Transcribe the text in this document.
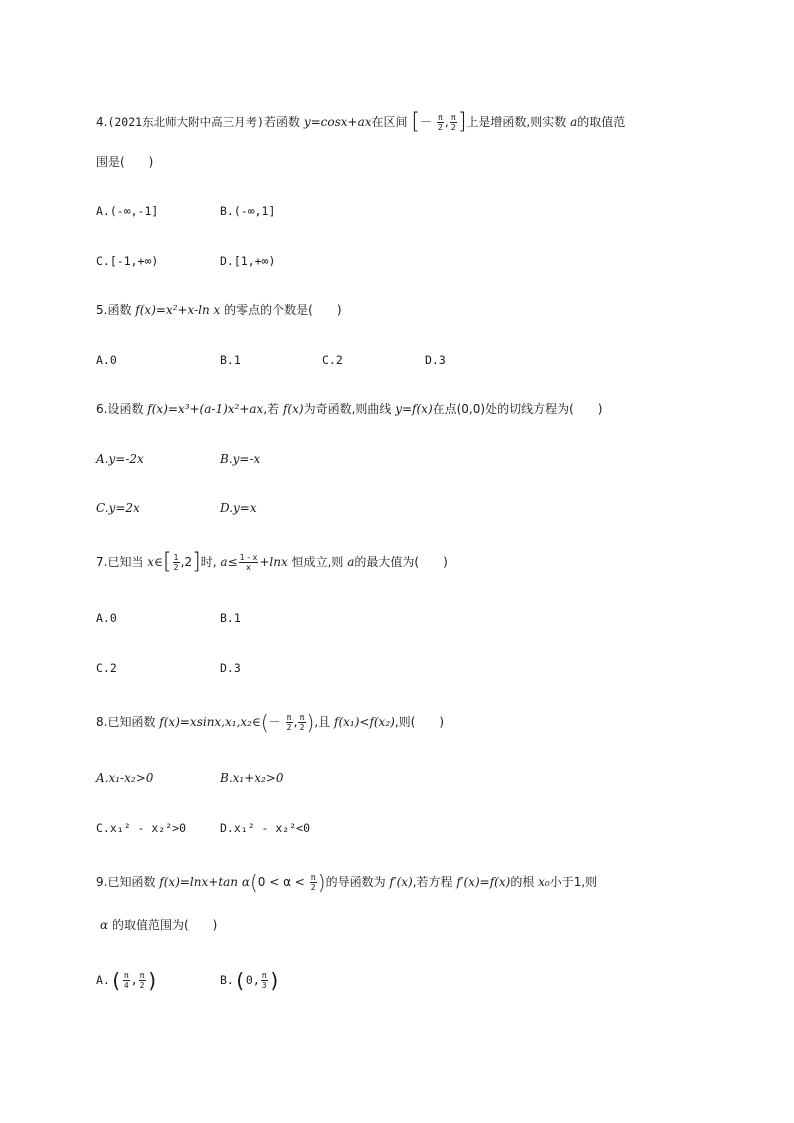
4.(2021东北师大附中高三月考)若函数 y=cosx+ax在区间 [－ $\frac{\pi}{2}$ , $\frac{\pi}{2}$ ]上是增函数,则实数 a的取值范
围是(　　)
A.(-∞,-1]	B.(-∞,1]
C.[-1,+∞)	D.[1,+∞)
5.函数 f(x)=x²+x-ln x 的零点的个数是(　　)
A.0	B.1	C.2	D.3
6.设函数 f(x)=x³+(a-1)x²+ax,若 f(x)为奇函数,则曲线 y=f(x)在点(0,0)处的切线方程为(　　)
A.y=-2x	B.y=-x
C.y=2x	D.y=x
7.已知当 x∈[ $\frac{1}{2} ,2$]时, $a\le \frac{1 - x}{x} +\ln x$ 恒成立,则 a的最大值为(　　)
A.0	B.1
C.2	D.3
8.已知函数 f(x)=xsinx,x₁,x₂∈(－ $\frac{\pi}{2}$ , $\frac{\pi}{2}$ ),且 f(x₁)<f(x₂),则(　　)
A.x₁-x₂>0	B.x₁+x₂>0
C.x₁² - x₂²>0	D.x₁² - x₂²<0
9.已知函数 f(x)=lnx+tan $\alpha(0 < \alpha < \frac{\pi}{2}$ )的导函数为 f′(x),若方程 f′(x)=f(x)的根 x₀小于1,则
α 的取值范围为(　　)
$A.( \frac{\pi}{4}$ , $\frac{\pi}{2}$ )	B.(0, $\frac{\pi}{3}$ )
